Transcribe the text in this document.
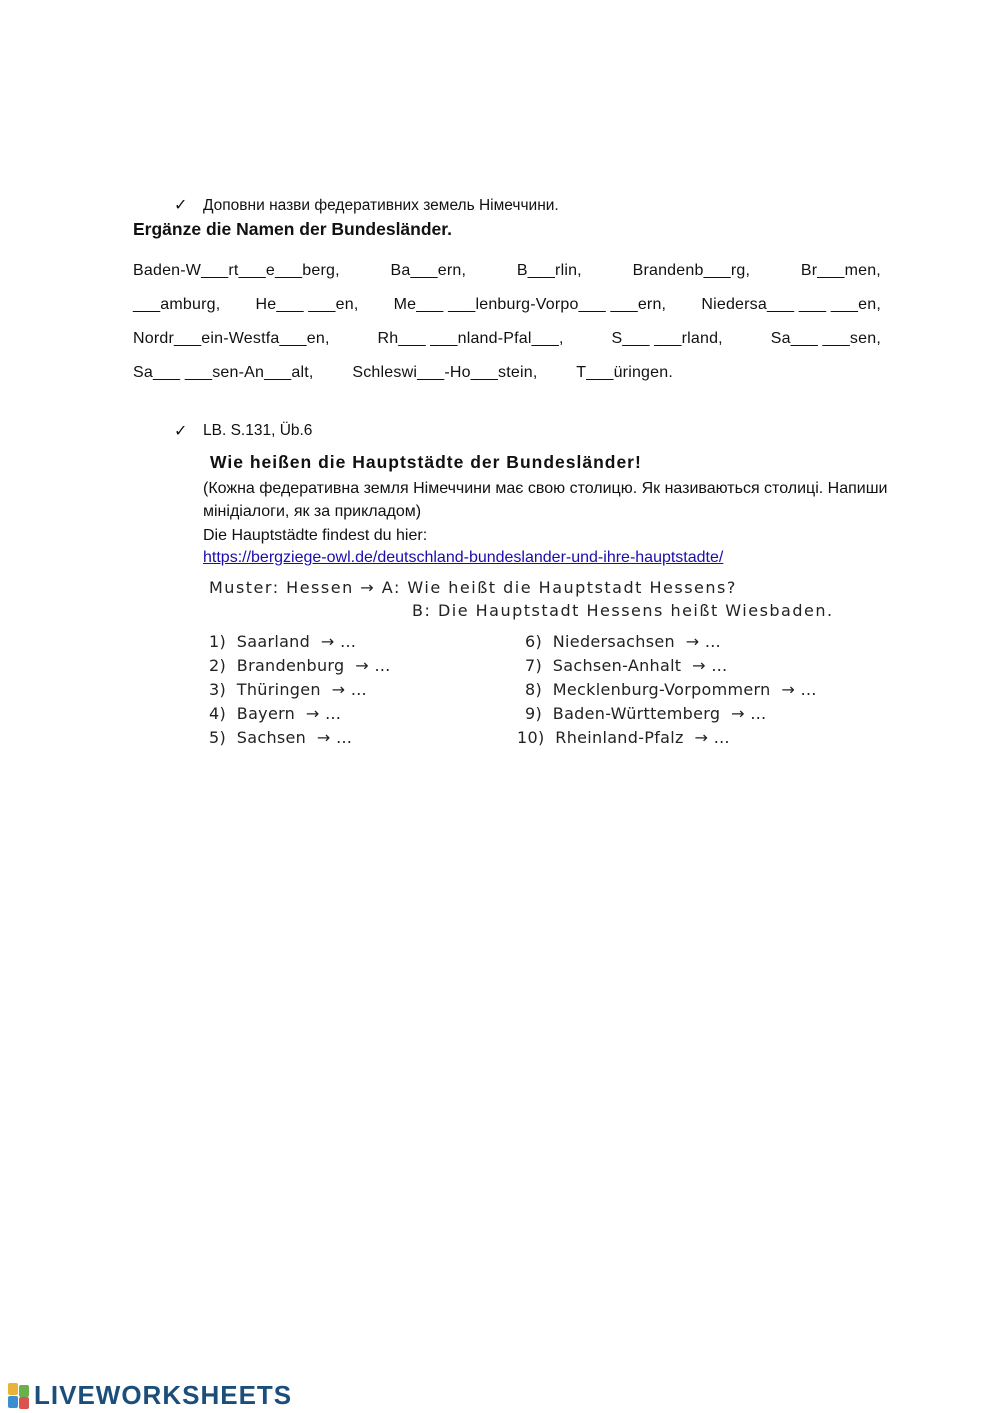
✓ Доповни назви федеративних земель Німеччини.
Ergänze die Namen der Bundesländer.
Baden-W___rt___e___berg,	Ba___ern,	B___rlin,	Brandenb___rg,	Br___men,
___amburg, He___ ___en, Me___ ___lenburg-Vorpo___ ___ern, Niedersa___ ___ ___en,
Nordr___ein-Westfa___en,	Rh___ ___nland-Pfal___,	S___ ___rland,	Sa___ ___sen,
Sa___ ___sen-An___alt, Schleswi___-Ho___stein, T___üringen.
✓ LB. S.131, Üb.6
Wie heißen die Hauptstädte der Bundesländer!
(Кожна федеративна земля Німеччини має свою столицю. Як називаються столиці. Напиши
мінідіалоги, як за прикладом)
Die Hauptstädte findest du hier:
https://bergziege-owl.de/deutschland-bundeslander-und-ihre-hauptstadte/
Muster: Hessen → A: Wie heißt die Hauptstadt Hessens?
B: Die Hauptstadt Hessens heißt Wiesbaden.
1)  Saarland  → …
2)  Brandenburg  → …
3)  Thüringen  → …
4)  Bayern  → …
5)  Sachsen  → …
6)  Niedersachsen  → …
7)  Sachsen-Anhalt  → …
8)  Mecklenburg-Vorpommern  → …
9)  Baden-Württemberg  → …
10)  Rheinland-Pfalz  → …
LIVEWORKSHEETS
